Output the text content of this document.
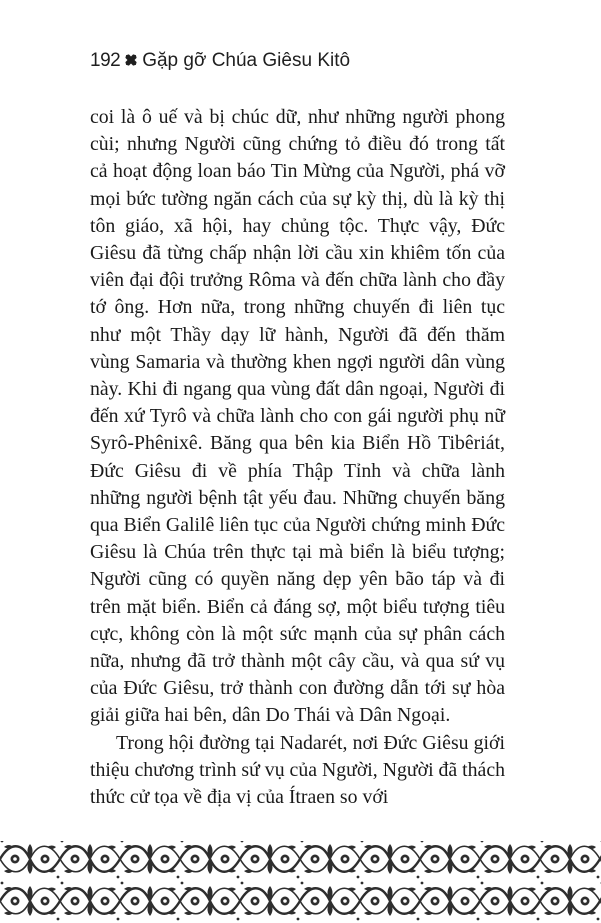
192 Gặp gỡ Chúa Giêsu Kitô

coi là ô uế và bị chúc dữ, như những người phong cùi; nhưng Người cũng chứng tỏ điều đó trong tất cả hoạt động loan báo Tin Mừng của Người, phá vỡ mọi bức tường ngăn cách của sự kỳ thị, dù là kỳ thị tôn giáo, xã hội, hay chủng tộc. Thực vậy, Đức Giêsu đã từng chấp nhận lời cầu xin khiêm tốn của viên đại đội trưởng Rôma và đến chữa lành cho đầy tớ ông. Hơn nữa, trong những chuyến đi liên tục như một Thầy dạy lữ hành, Người đã đến thăm vùng Samaria và thường khen ngợi người dân vùng này. Khi đi ngang qua vùng đất dân ngoại, Người đi đến xứ Tyrô và chữa lành cho con gái người phụ nữ Syrô-Phênixê. Băng qua bên kia Biển Hồ Tibêriát, Đức Giêsu đi về phía Thập Tỉnh và chữa lành những người bệnh tật yếu đau. Những chuyến băng qua Biển Galilê liên tục của Người chứng minh Đức Giêsu là Chúa trên thực tại mà biển là biểu tượng; Người cũng có quyền năng dẹp yên bão táp và đi trên mặt biển. Biển cả đáng sợ, một biểu tượng tiêu cực, không còn là một sức mạnh của sự phân cách nữa, nhưng đã trở thành một cây cầu, và qua sứ vụ của Đức Giêsu, trở thành con đường dẫn tới sự hòa giải giữa hai bên, dân Do Thái và Dân Ngoại.

Trong hội đường tại Nadarét, nơi Đức Giêsu giới thiệu chương trình sứ vụ của Người, Người đã thách thức cử tọa về địa vị của Ítraen so với
